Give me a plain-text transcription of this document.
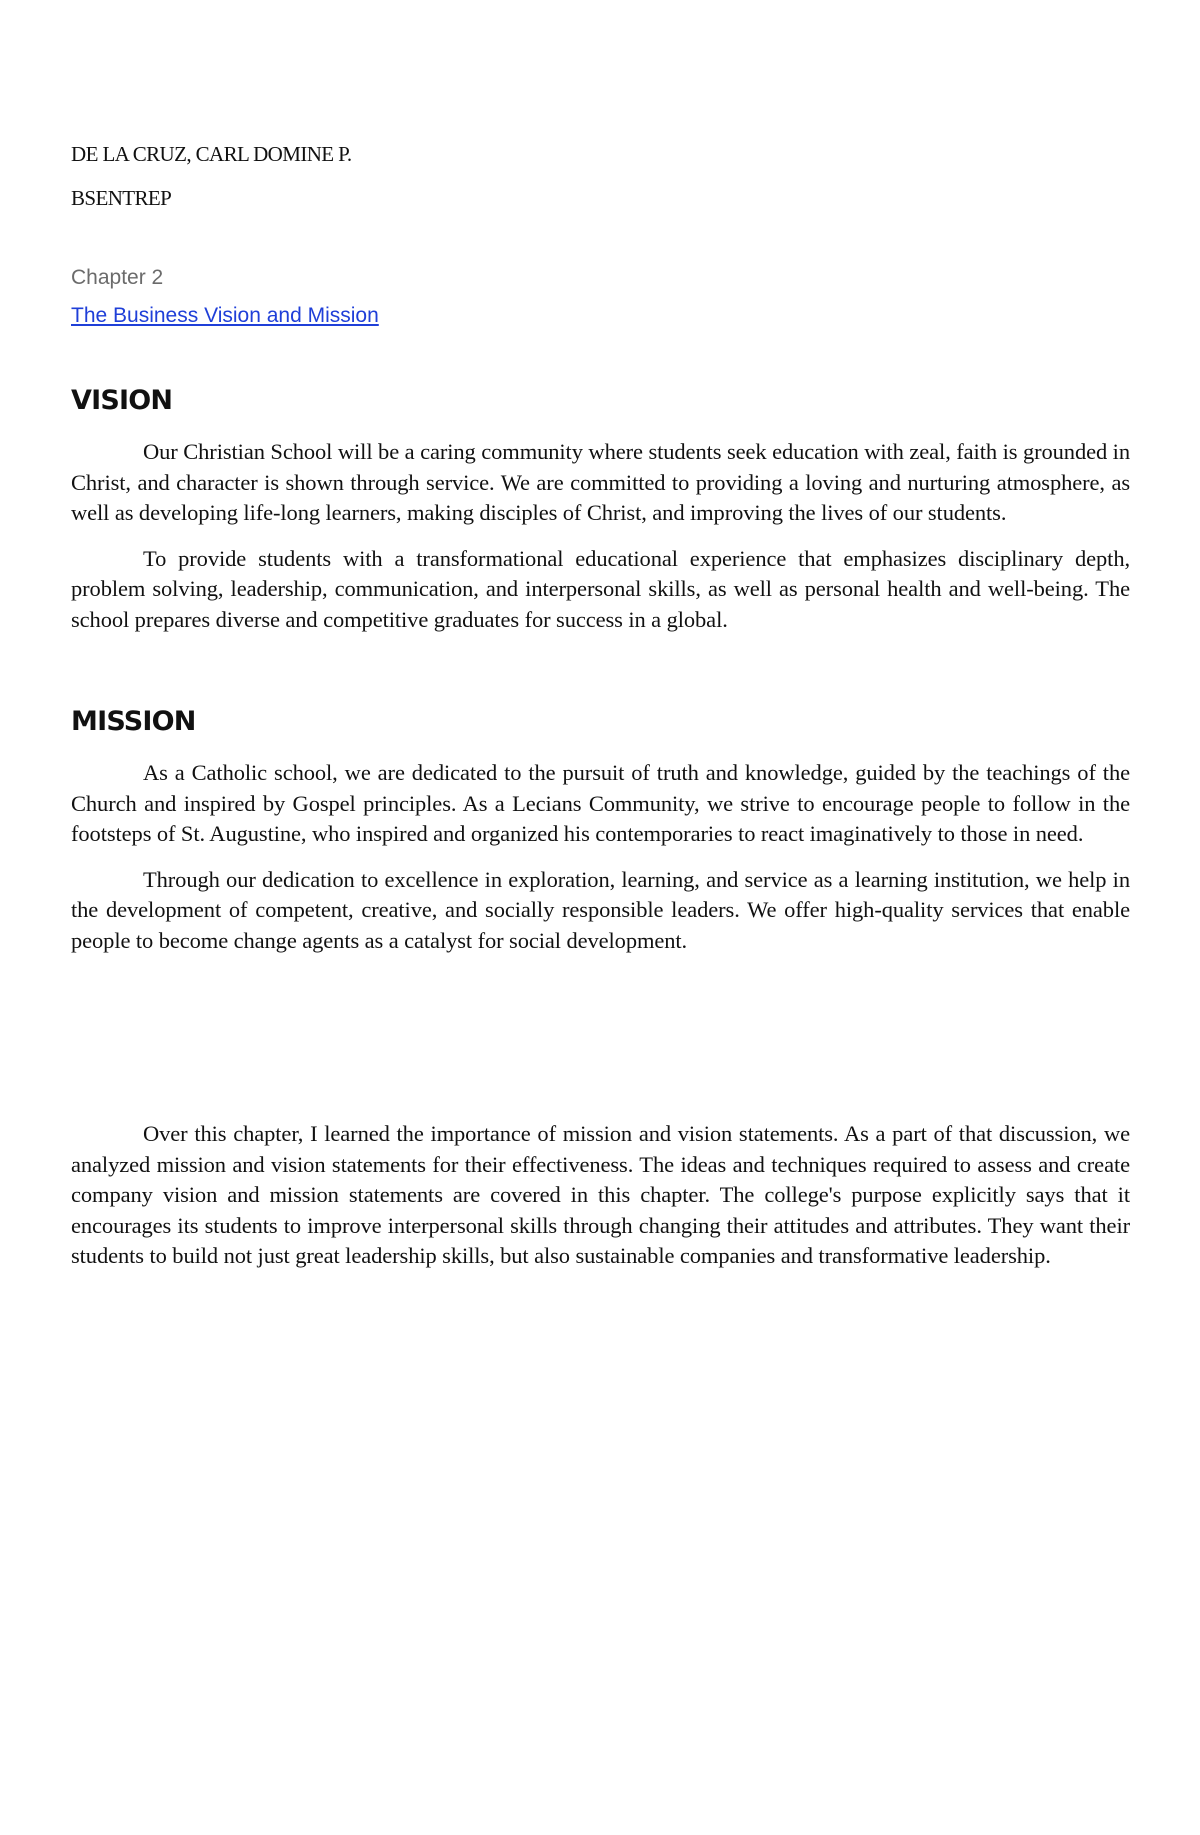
DE LA CRUZ, CARL DOMINE P.

BSENTREP

Chapter 2

The Business Vision and Mission
VISION

Our Christian School will be a caring community where students seek education with zeal, faith is grounded in Christ, and character is shown through service. We are committed to providing a loving and nurturing atmosphere, as well as developing life-long learners, making disciples of Christ, and improving the lives of our students.

To provide students with a transformational educational experience that emphasizes disciplinary depth, problem solving, leadership, communication, and interpersonal skills, as well as personal health and well-being. The school prepares diverse and competitive graduates for success in a global.

MISSION

As a Catholic school, we are dedicated to the pursuit of truth and knowledge, guided by the teachings of the Church and inspired by Gospel principles. As a Lecians Community, we strive to encourage people to follow in the footsteps of St. Augustine, who inspired and organized his contemporaries to react imaginatively to those in need.

Through our dedication to excellence in exploration, learning, and service as a learning institution, we help in the development of competent, creative, and socially responsible leaders. We offer high-quality services that enable people to become change agents as a catalyst for social development.

Over this chapter, I learned the importance of mission and vision statements. As a part of that discussion, we analyzed mission and vision statements for their effectiveness. The ideas and techniques required to assess and create company vision and mission statements are covered in this chapter. The college's purpose explicitly says that it encourages its students to improve interpersonal skills through changing their attitudes and attributes. They want their students to build not just great leadership skills, but also sustainable companies and transformative leadership.
